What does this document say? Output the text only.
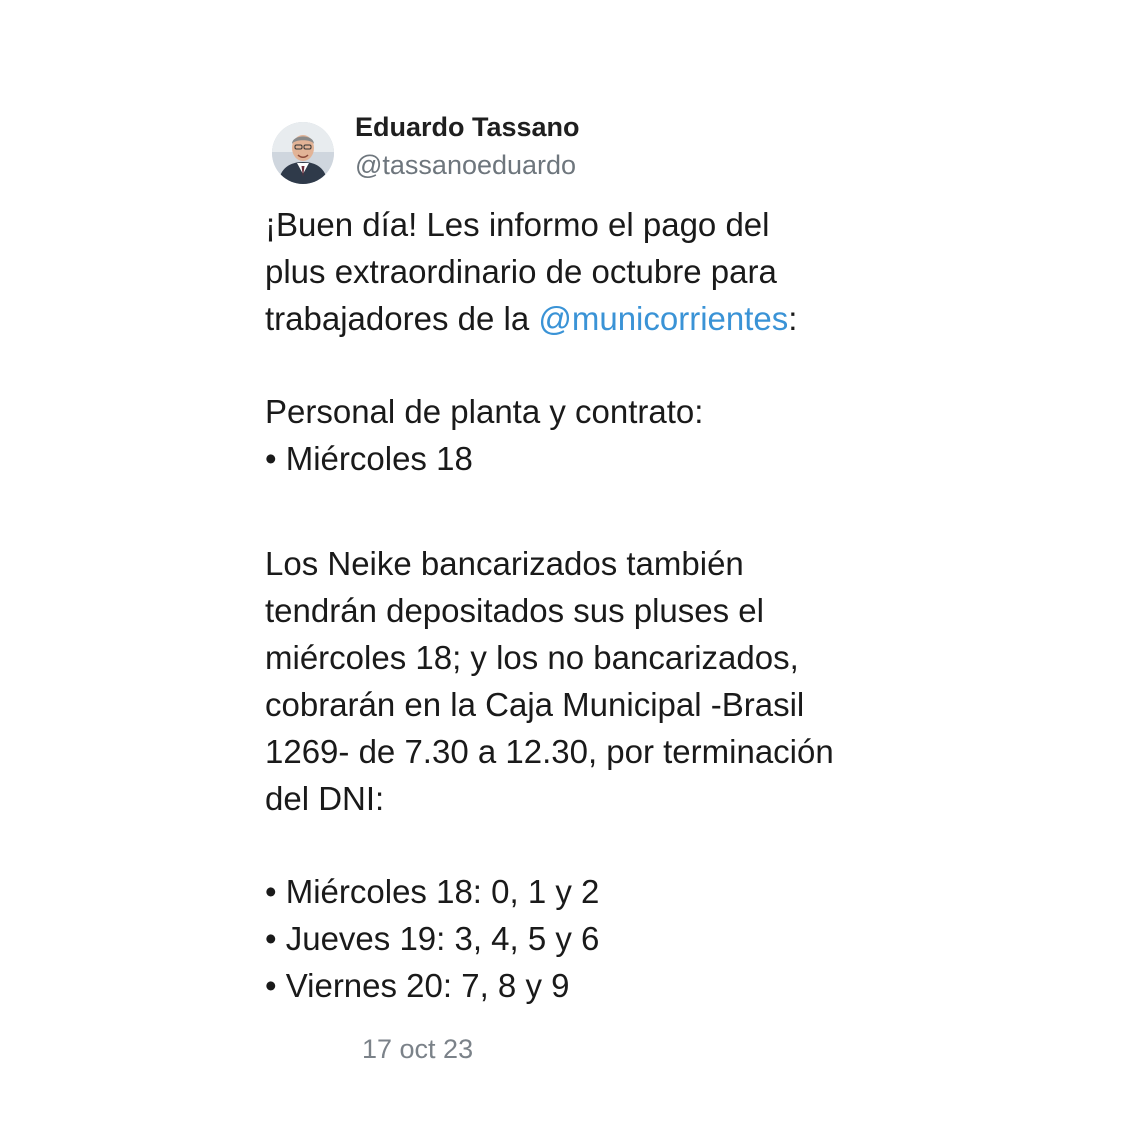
Eduardo Tassano
@tassanoeduardo
¡Buen día! Les informo el pago del
plus extraordinario de octubre para
trabajadores de la @municorrientes:
Personal de planta y contrato:
• Miércoles 18
Los Neike bancarizados también
tendrán depositados sus pluses el
miércoles 18; y los no bancarizados,
cobrarán en la Caja Municipal -Brasil
1269- de 7.30 a 12.30, por terminación
del DNI:
• Miércoles 18: 0, 1 y 2
• Jueves 19: 3, 4, 5 y 6
• Viernes 20: 7, 8 y 9
17 oct 23
